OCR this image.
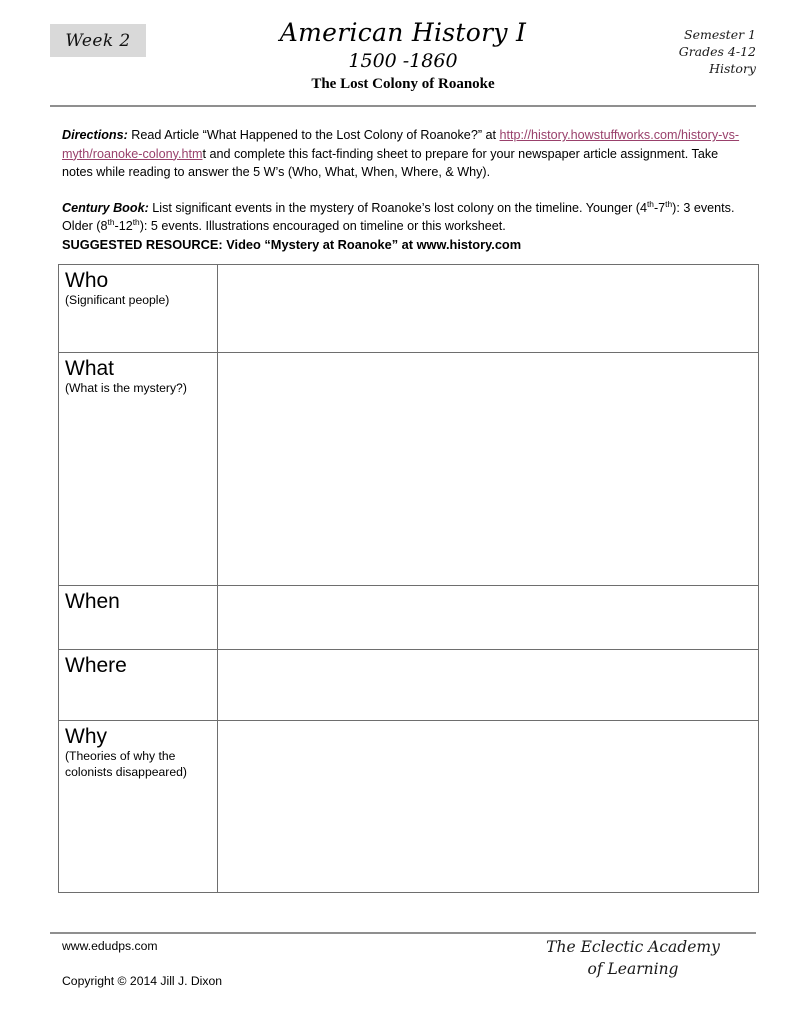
Week 2	American History I
1500 -1860
The Lost Colony of Roanoke
Semester 1
Grades 4-12
History

Directions: Read Article “What Happened to the Lost Colony of Roanoke?” at http://history.howstuffworks.com/history-vs-myth/roanoke-colony.htmt and complete this fact-finding sheet to prepare for your newspaper article assignment. Take notes while reading to answer the 5 W’s (Who, What, When, Where, & Why).

Century Book: List significant events in the mystery of Roanoke’s lost colony on the timeline. Younger (4th-7th): 3 events. Older (8th-12th): 5 events. Illustrations encouraged on timeline or this worksheet.

SUGGESTED RESOURCE: Video “Mystery at Roanoke” at www.history.com

Who
(Significant people)	

What
(What is the mystery?)	

When	

Where	

Why
(Theories of why the colonists disappeared)	

www.edudps.com
Copyright © 2014 Jill J. Dixon
The Eclectic Academy
of Learning
